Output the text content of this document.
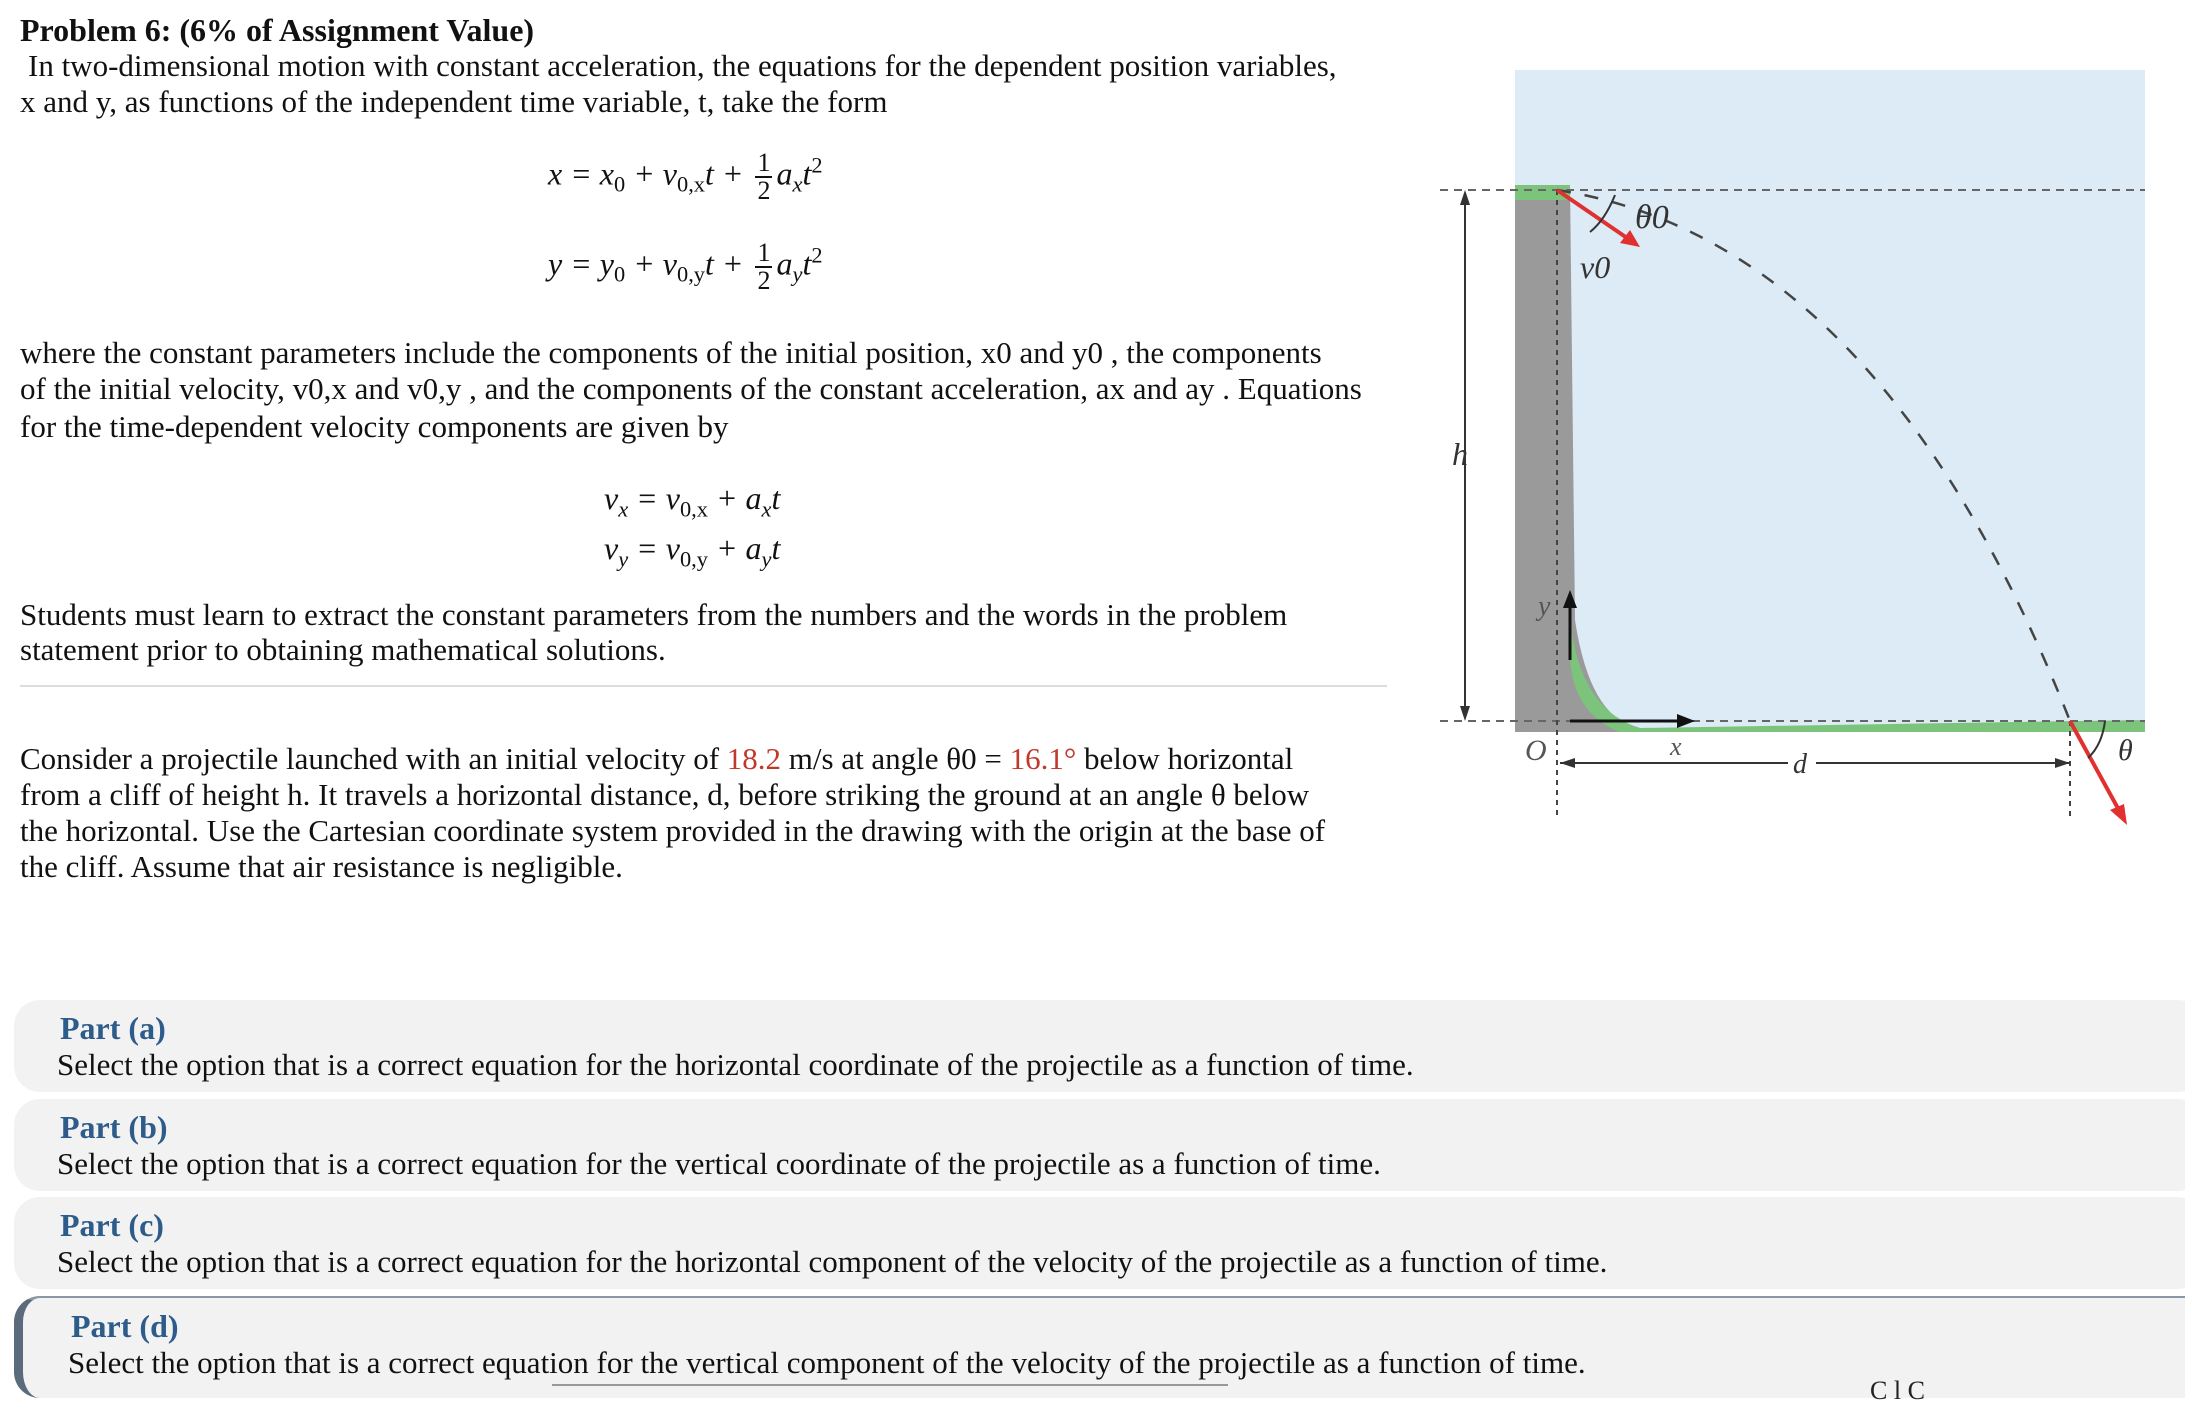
Problem 6: (6% of Assignment Value)
In two-dimensional motion with constant acceleration, the equations for the dependent position variables,
x and y, as functions of the independent time variable, t, take the form
$x = x_0 + v_{0,x}t + \frac{1}{2} a_xt^2$
$y = y_0 + v_{0,y}t + \frac{1}{2} a_yt^2$
where the constant parameters include the components of the initial position, x0 and y0 , the components
of the initial velocity, v0,x and v0,y , and the components of the constant acceleration, ax and ay . Equations
for the time-dependent velocity components are given by
$v_x = v_{0,x} + a_xt$
$v_y = v_{0,y} + a_yt$
Students must learn to extract the constant parameters from the numbers and the words in the problem
statement prior to obtaining mathematical solutions.
Consider a projectile launched with an initial velocity of 18.2 m/s at angle θ0 = 16.1° below horizontal
from a cliff of height h. It travels a horizontal distance, d, before striking the ground at an angle θ below
the horizontal. Use the Cartesian coordinate system provided in the drawing with the origin at the base of
the cliff. Assume that air resistance is negligible.
h
θ0
v0
y
x
O	d	θ
Part (a)
Select the option that is a correct equation for the horizontal coordinate of the projectile as a function of time.
Part (b)
Select the option that is a correct equation for the vertical coordinate of the projectile as a function of time.
Part (c)
Select the option that is a correct equation for the horizontal component of the velocity of the projectile as a function of time.
Part (d)
Select the option that is a correct equation for the vertical component of the velocity of the projectile as a function of time.
C l C
